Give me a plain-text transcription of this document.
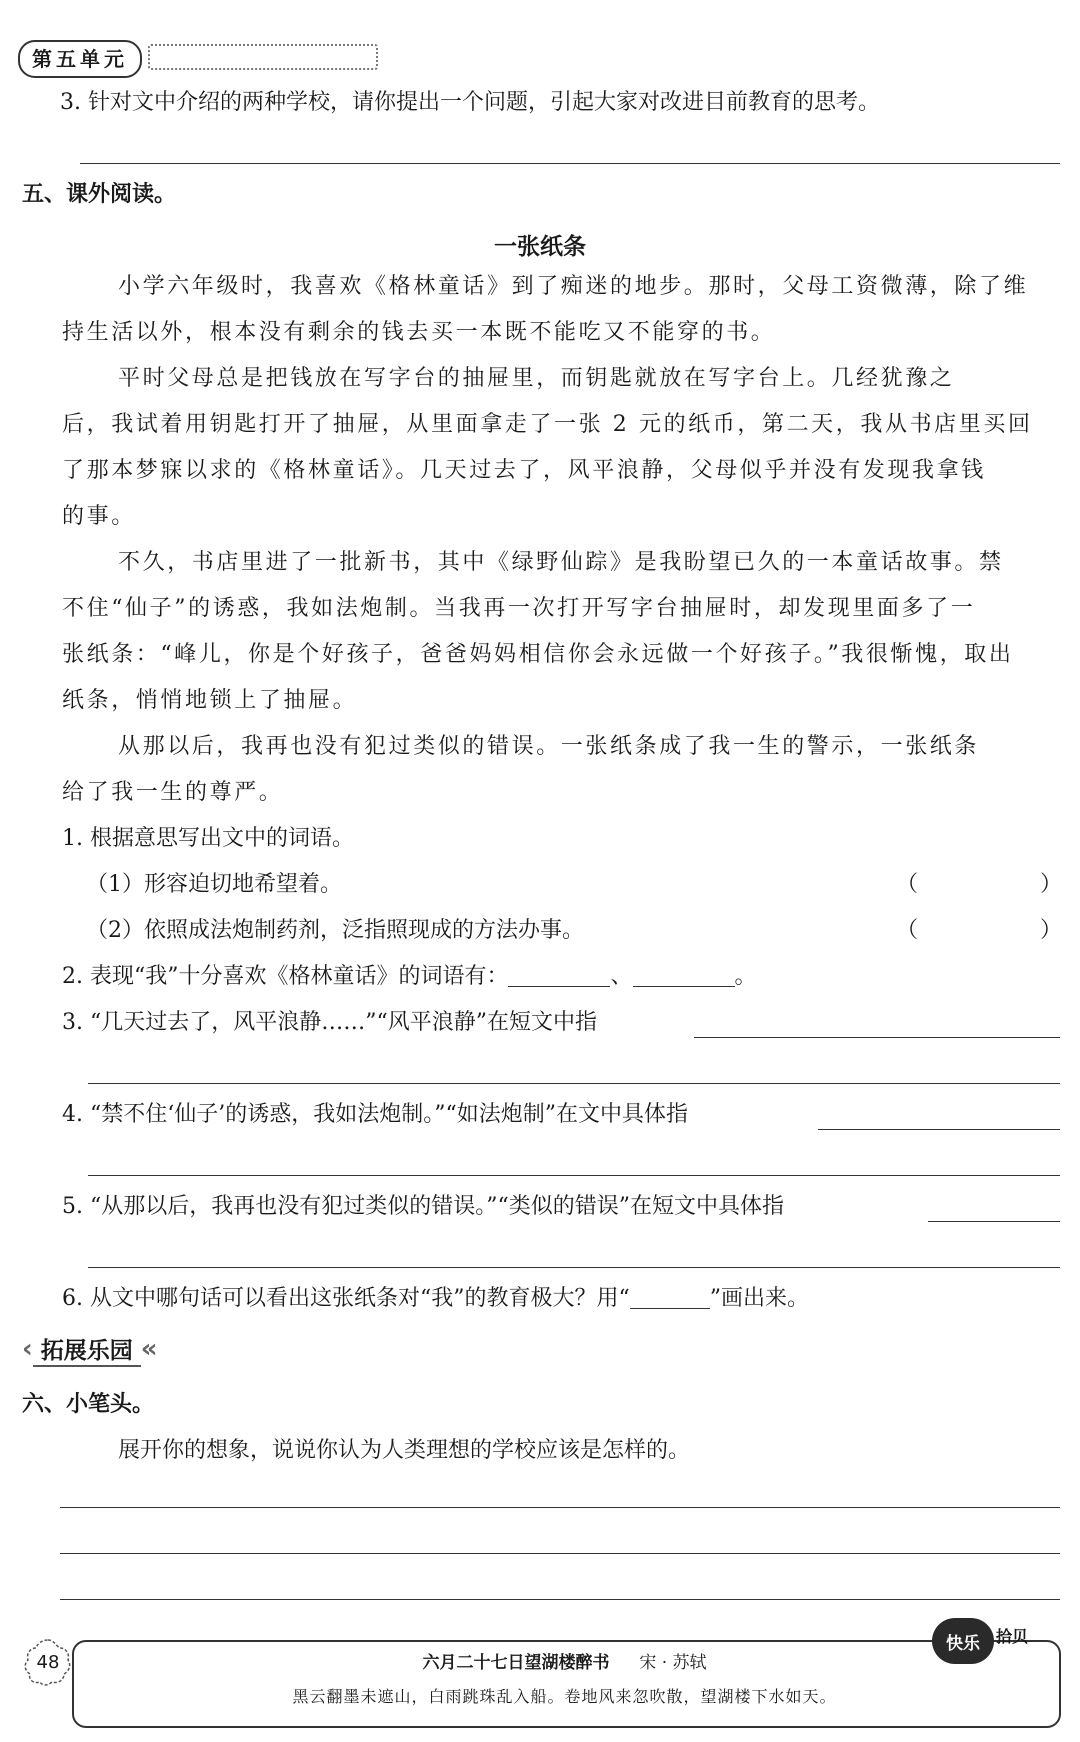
第五单元
3. 针对文中介绍的两种学校，请你提出一个问题，引起大家对改进目前教育的思考。
五、课外阅读。
一张纸条
小学六年级时，我喜欢《格林童话》到了痴迷的地步。那时，父母工资微薄，除了维
持生活以外，根本没有剩余的钱去买一本既不能吃又不能穿的书。
平时父母总是把钱放在写字台的抽屉里，而钥匙就放在写字台上。几经犹豫之
后，我试着用钥匙打开了抽屉，从里面拿走了一张 2 元的纸币，第二天，我从书店里买回
了那本梦寐以求的《格林童话》。几天过去了，风平浪静，父母似乎并没有发现我拿钱
的事。
不久，书店里进了一批新书，其中《绿野仙踪》是我盼望已久的一本童话故事。禁
不住“仙子”的诱惑，我如法炮制。当我再一次打开写字台抽屉时，却发现里面多了一
张纸条：“峰儿，你是个好孩子，爸爸妈妈相信你会永远做一个好孩子。”我很惭愧，取出
纸条，悄悄地锁上了抽屉。
从那以后，我再也没有犯过类似的错误。一张纸条成了我一生的警示，一张纸条
给了我一生的尊严。
1. 根据意思写出文中的词语。
（1）形容迫切地希望着。	（	）
（2）依照成法炮制药剂，泛指照现成的方法办事。	（	）
2. 表现“我”十分喜欢《格林童话》的词语有：	、	。
3. “几天过去了，风平浪静……”“风平浪静”在短文中指
4. “禁不住‘仙子’的诱惑，我如法炮制。”“如法炮制”在文中具体指
5. “从那以后，我再也没有犯过类似的错误。”“类似的错误”在短文中具体指
6. 从文中哪句话可以看出这张纸条对“我”的教育极大？用“	”画出来。
‹ 拓展乐园 «
六、小笔头。
展开你的想象，说说你认为人类理想的学校应该是怎样的。
48	六月二十七日望湖楼醉书 宋 · 苏轼
黑云翻墨未遮山，白雨跳珠乱入船。卷地风来忽吹散，望湖楼下水如天。
快乐	拾贝
